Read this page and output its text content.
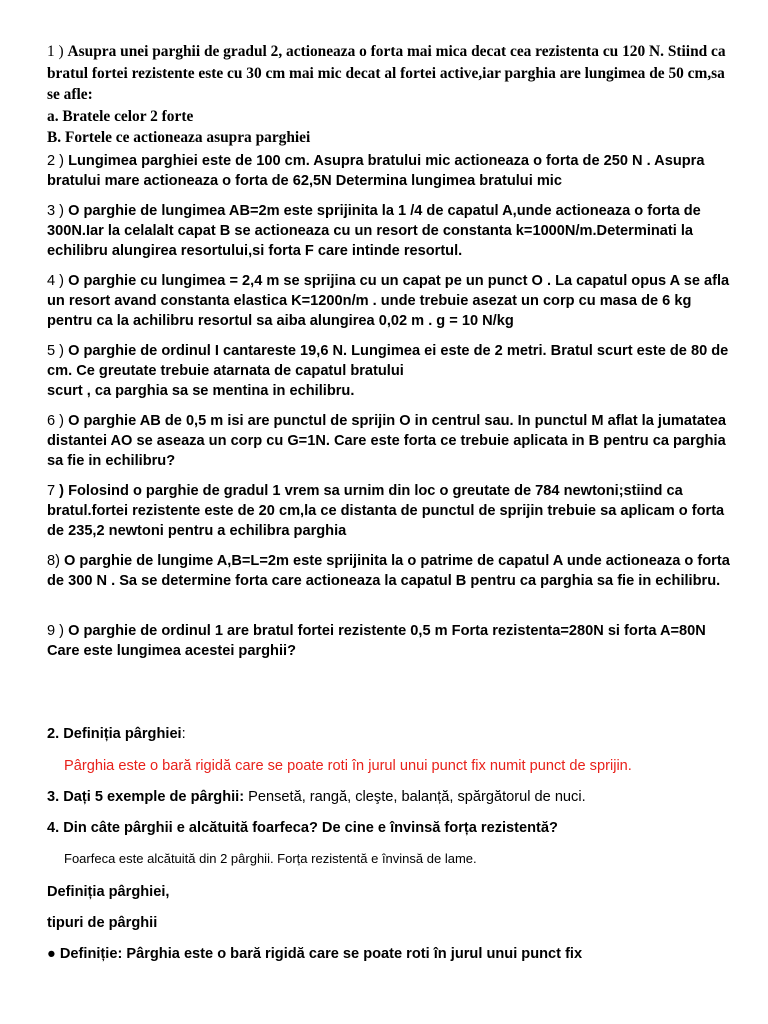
1 ) Asupra unei parghii de gradul 2, actioneaza o forta mai mica decat cea rezistenta cu 120 N. Stiind ca bratul fortei rezistente este cu 30 cm mai mic decat al fortei active,iar parghia are lungimea de 50 cm,sa se afle:

a. Bratele celor 2 forte

B. Fortele ce actioneaza asupra parghiei

2 ) Lungimea parghiei este de 100 cm. Asupra bratului mic actioneaza o forta de 250 N . Asupra bratului mare actioneaza o forta de 62,5N Determina lungimea bratului mic

3 ) O parghie de lungimea AB=2m este sprijinita la 1 /4 de capatul A,unde actioneaza o forta de 300N.Iar la celalalt capat B se actioneaza cu un resort de constanta k=1000N/m.Determinati la echilibru alungirea resortului,si forta F care intinde resortul.

4 ) O parghie cu lungimea = 2,4 m se sprijina cu un capat pe un punct O . La capatul opus A se afla un resort avand constanta elastica K=1200n/m . unde trebuie asezat un corp cu masa de 6 kg pentru ca la achilibru resortul sa aiba alungirea 0,02 m . g = 10 N/kg

5 ) O parghie de ordinul I cantareste 19,6 N. Lungimea ei este de 2 metri. Bratul scurt este de 80 de cm. Ce greutate trebuie atarnata de capatul bratului

scurt , ca parghia sa se mentina in echilibru.

6 ) O parghie AB de 0,5 m isi are punctul de sprijin O in centrul sau. In punctul M aflat la jumatatea distantei AO se aseaza un corp cu G=1N. Care este forta ce trebuie aplicata in B pentru ca parghia sa fie in echilibru?

7 ) Folosind o parghie de gradul 1 vrem sa urnim din loc o greutate de 784 newtoni;stiind ca bratul.fortei rezistente este de 20 cm,la ce distanta de punctul de sprijin trebuie sa aplicam o forta de 235,2 newtoni pentru a echilibra parghia

8) O parghie de lungime A,B=L=2m este sprijinita la o patrime de capatul A unde actioneaza o forta de 300 N . Sa se determine forta care actioneaza la capatul B pentru ca parghia sa fie in echilibru.

9 ) O parghie de ordinul 1 are bratul fortei rezistente 0,5 m Forta rezistenta=280N si forta A=80N

Care este lungimea acestei parghii?

2. Definiția pârghiei:

Pârghia este o bară rigidă care se poate roti în jurul unui punct fix numit punct de sprijin.

3. Dați 5 exemple de pârghii: Pensetă, rangă, cleşte, balanță, spărgătorul de nuci.

4. Din câte pârghii e alcătuită foarfeca? De cine e învinsă forța rezistentă?

Foarfeca este alcătuită din 2 pârghii. Forța rezistentă e învinsă de lame.

Definiția pârghiei,

tipuri de pârghii

● Definiție: Pârghia este o bară rigidă care se poate roti în jurul unui punct fix
